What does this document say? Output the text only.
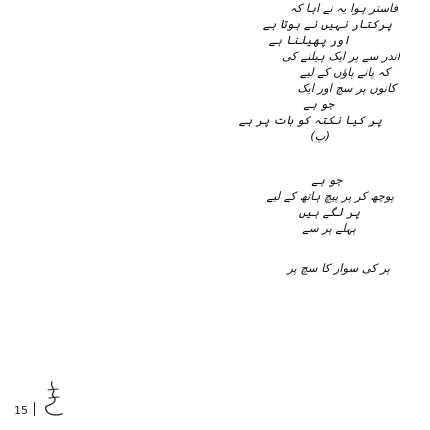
فاستر ہوا یہ نے اہا کہ
پرکتار نہیں نے ہوتا ہے
اور پھیلنا ہے
اندر سے پر ایک ہیلنے کی
کہ پانے پاؤں کے لیے
کانوں پر سچ اور ایک
جو ہے
پر کیا نکتہ کو بات پر ہے
(پ)
جو ہے
پوچھ کر پر پیچ ہاتھ کے لیے
پر لگے ہیں
پہلے پر سے
پر کی سوار کا سچ پر
15
